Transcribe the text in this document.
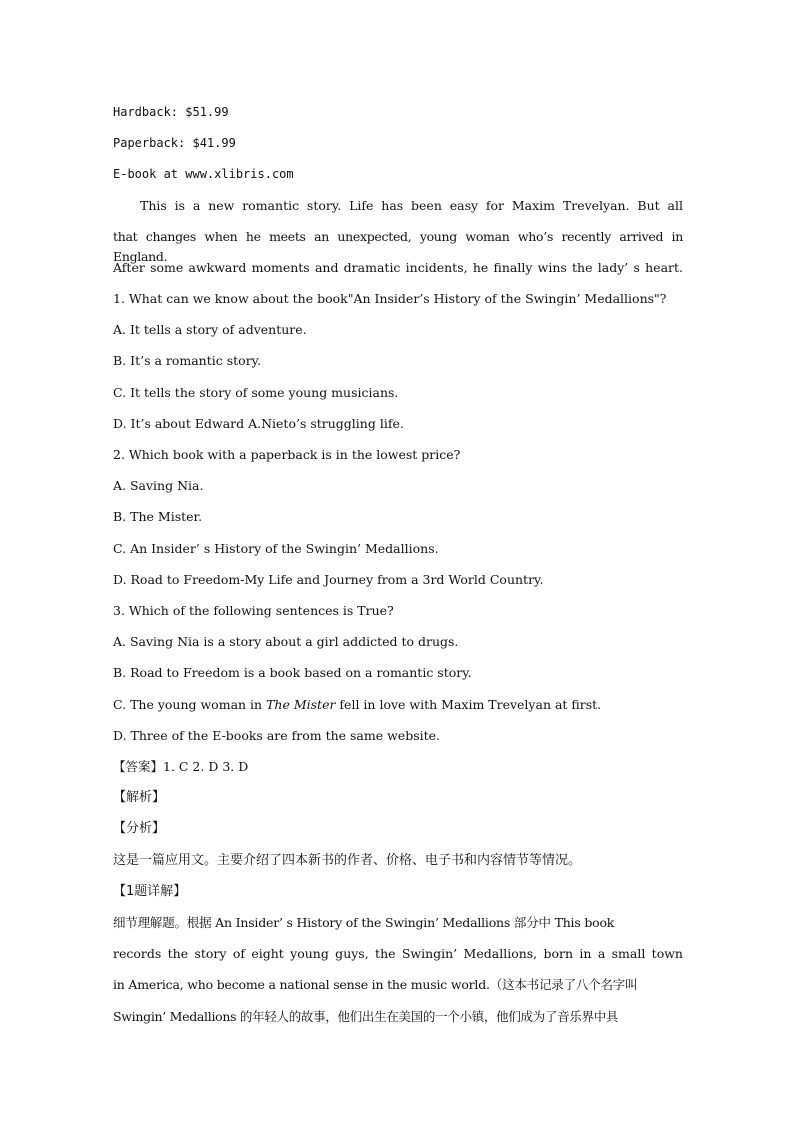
Hardback: $51.99
Paperback: $41.99
E-book at www.xlibris.com
This is a new romantic story. Life has been easy for Maxim Trevelyan. But all
that changes when he meets an unexpected, young woman who’s recently arrived in England.
After some awkward moments and dramatic incidents, he finally wins the lady’ s heart.
1. What can we know about the book"An Insider’s History of the Swingin’ Medallions"?
A. It tells a story of adventure.
B. It’s a romantic story.
C. It tells the story of some young musicians.
D. It’s about Edward A.Nieto’s struggling life.
2. Which book with a paperback is in the lowest price?
A. Saving Nia.
B. The Mister.
C. An Insider’ s History of the Swingin’ Medallions.
D. Road to Freedom-My Life and Journey from a 3rd World Country.
3. Which of the following sentences is True?
A. Saving Nia is a story about a girl addicted to drugs.
B. Road to Freedom is a book based on a romantic story.
C. The young woman in The Mister fell in love with Maxim Trevelyan at first.
D. Three of the E-books are from the same website.
【答案】1. C 2. D 3. D
【解析】
【分析】
这是一篇应用文。主要介绍了四本新书的作者、价格、电子书和内容情节等情况。
【1题详解】
细节理解题。根据 An Insider’ s History of the Swingin’ Medallions 部分中 This book
records the story of eight young guys, the Swingin’ Medallions, born in a small town
in America, who become a national sense in the music world.（这本书记录了八个名字叫
Swingin’ Medallions 的年轻人的故事，他们出生在美国的一个小镇，他们成为了音乐界中具
